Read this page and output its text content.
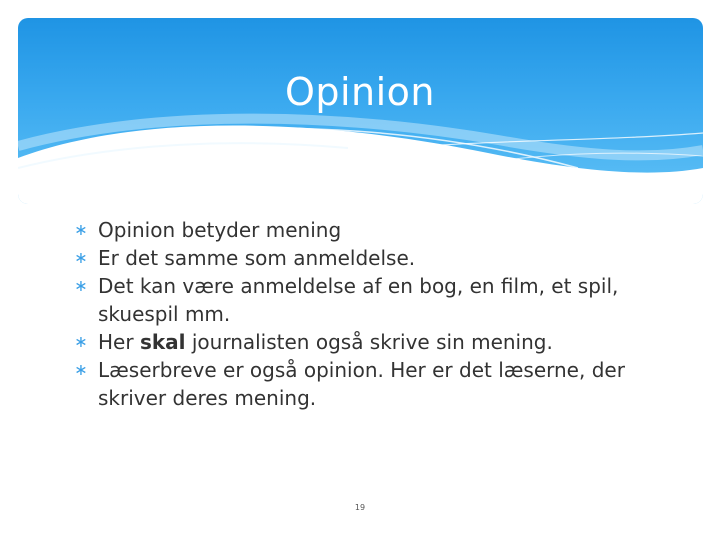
Opinion
∗ Opinion betyder mening
∗ Er det samme som anmeldelse.
∗ Det kan være anmeldelse af en bog, en film, et spil, skuespil mm.
∗ Her skal journalisten også skrive sin mening.
∗ Læserbreve er også opinion. Her er det læserne, der skriver deres mening.
19
